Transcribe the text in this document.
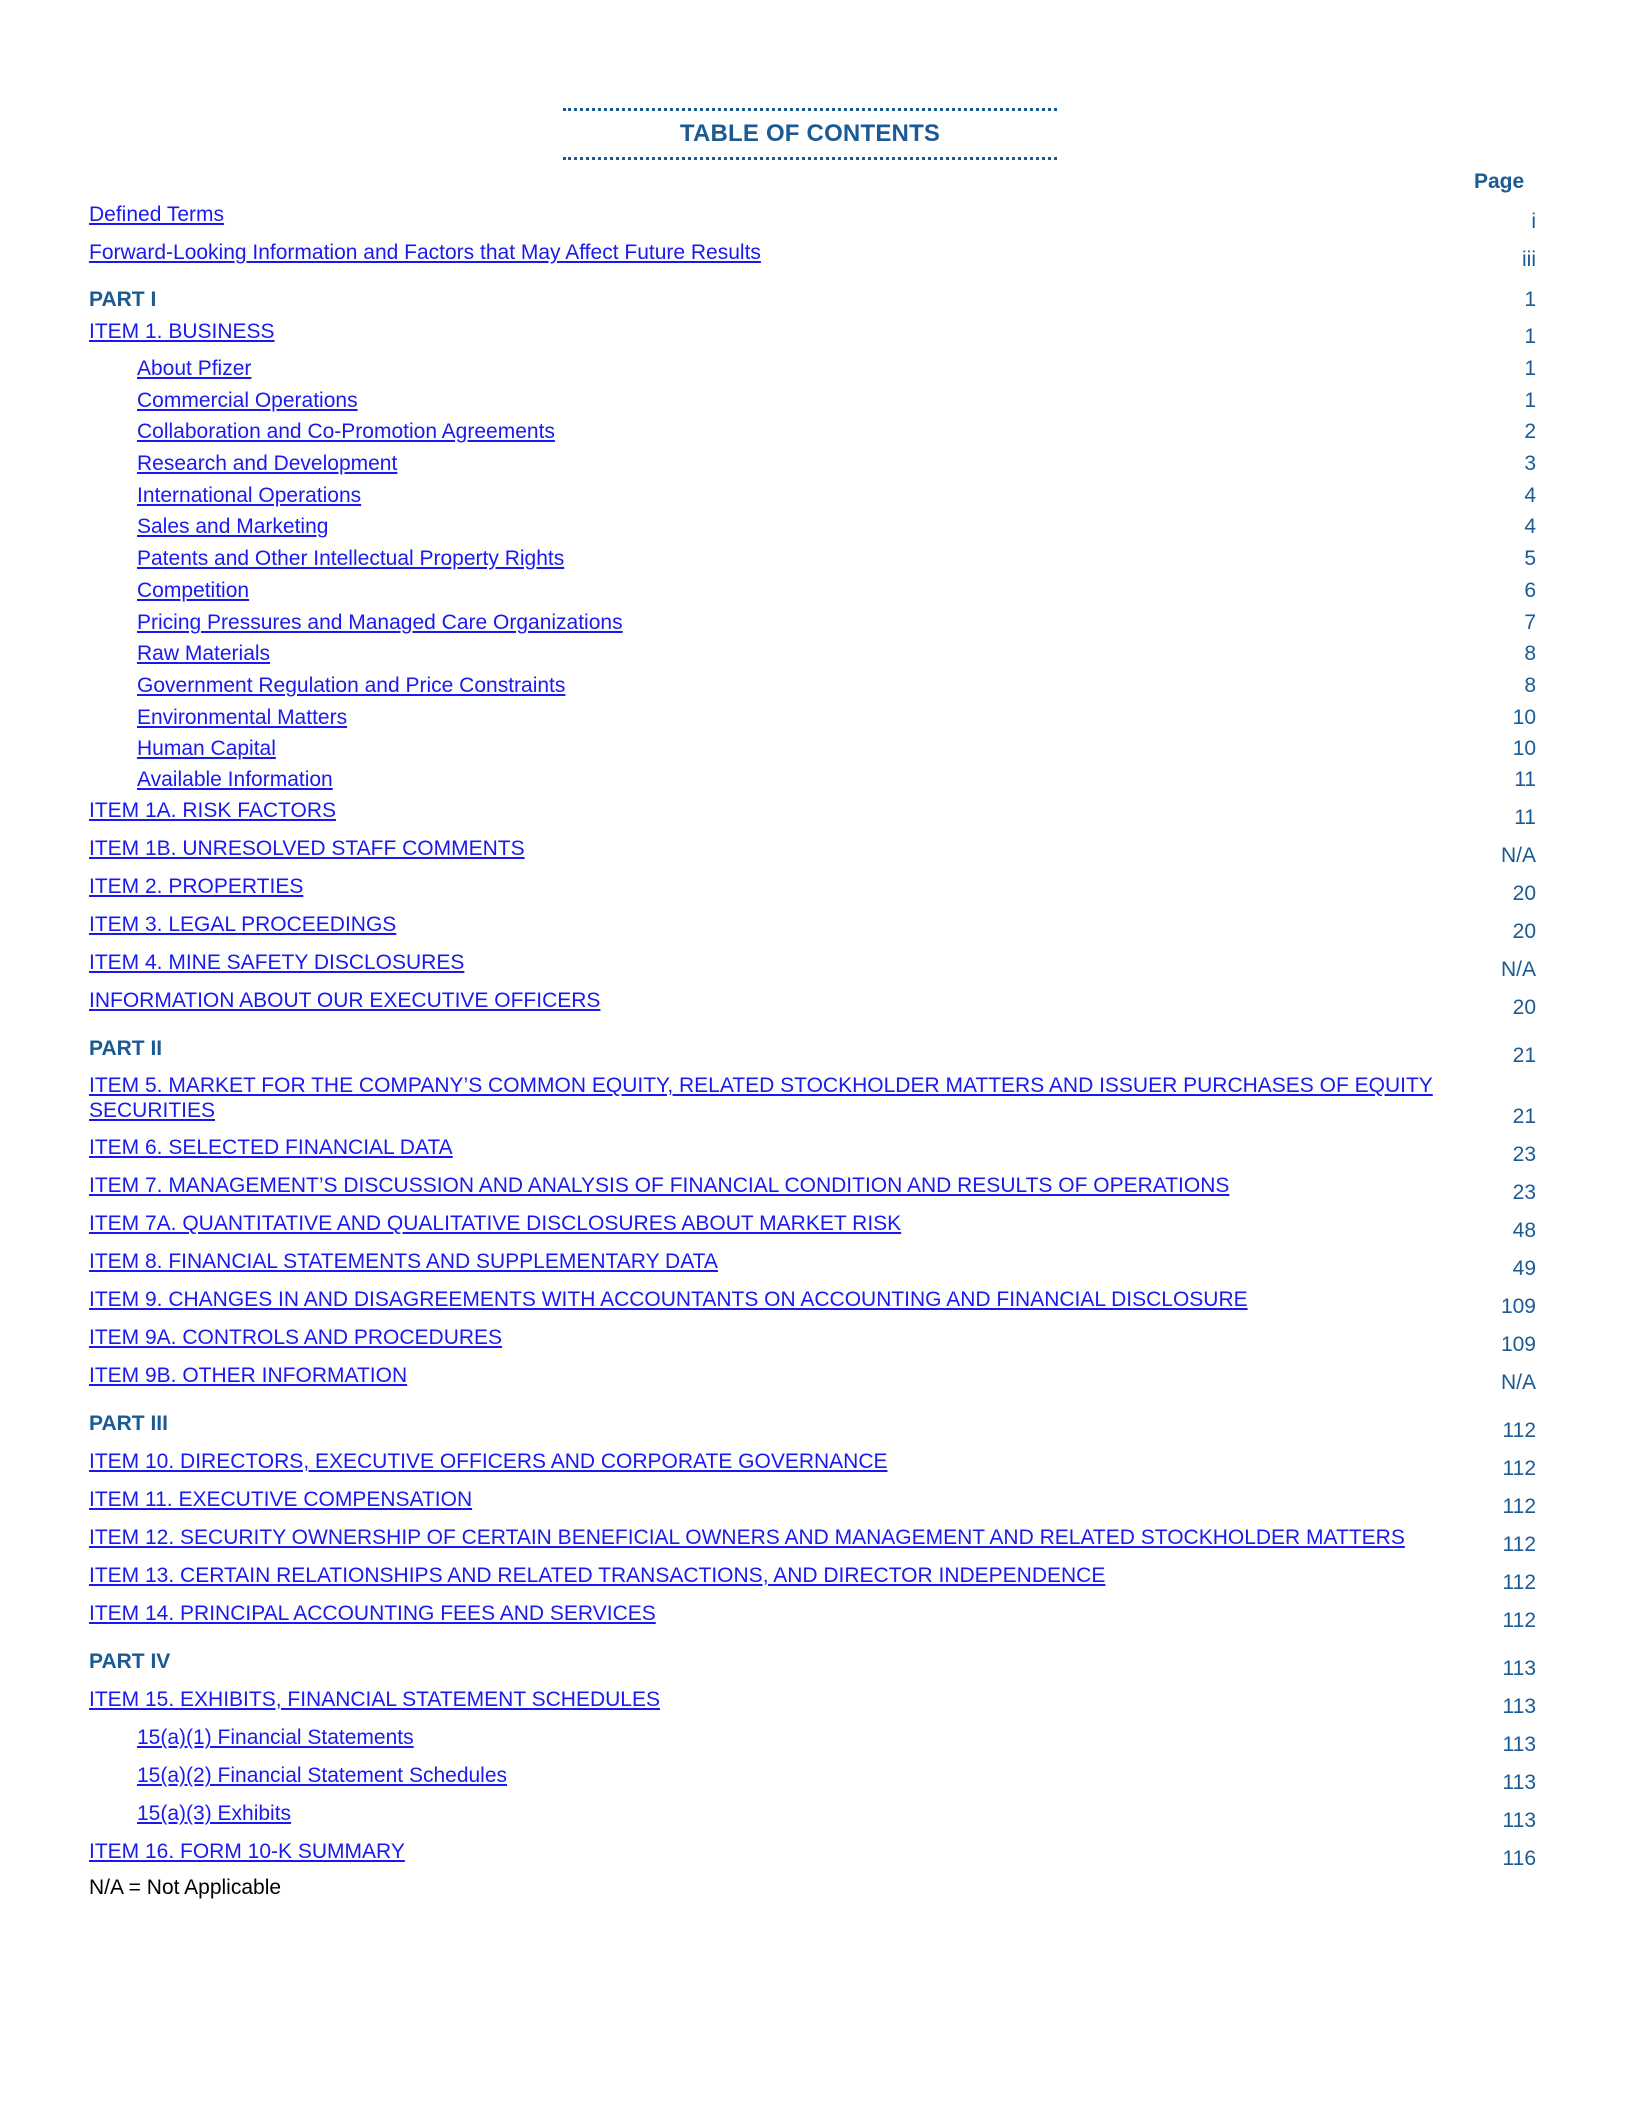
TABLE OF CONTENTS
Page
Defined Terms	i
Forward-Looking Information and Factors that May Affect Future Results	iii
PART I	1
ITEM 1. BUSINESS	1
About Pfizer	1
Commercial Operations	1
Collaboration and Co-Promotion Agreements	2
Research and Development	3
International Operations	4
Sales and Marketing	4
Patents and Other Intellectual Property Rights	5
Competition	6
Pricing Pressures and Managed Care Organizations	7
Raw Materials	8
Government Regulation and Price Constraints	8
Environmental Matters	10
Human Capital	10
Available Information	11
ITEM 1A. RISK FACTORS	11
ITEM 1B. UNRESOLVED STAFF COMMENTS	N/A
ITEM 2. PROPERTIES	20
ITEM 3. LEGAL PROCEEDINGS	20
ITEM 4. MINE SAFETY DISCLOSURES	N/A
INFORMATION ABOUT OUR EXECUTIVE OFFICERS	20
PART II	21
ITEM 5. MARKET FOR THE COMPANY’S COMMON EQUITY, RELATED STOCKHOLDER MATTERS AND ISSUER PURCHASES OF EQUITY SECURITIES	21
ITEM 6. SELECTED FINANCIAL DATA	23
ITEM 7. MANAGEMENT’S DISCUSSION AND ANALYSIS OF FINANCIAL CONDITION AND RESULTS OF OPERATIONS	23
ITEM 7A. QUANTITATIVE AND QUALITATIVE DISCLOSURES ABOUT MARKET RISK	48
ITEM 8. FINANCIAL STATEMENTS AND SUPPLEMENTARY DATA	49
ITEM 9. CHANGES IN AND DISAGREEMENTS WITH ACCOUNTANTS ON ACCOUNTING AND FINANCIAL DISCLOSURE	109
ITEM 9A. CONTROLS AND PROCEDURES	109
ITEM 9B. OTHER INFORMATION	N/A
PART III	112
ITEM 10. DIRECTORS, EXECUTIVE OFFICERS AND CORPORATE GOVERNANCE	112
ITEM 11. EXECUTIVE COMPENSATION	112
ITEM 12. SECURITY OWNERSHIP OF CERTAIN BENEFICIAL OWNERS AND MANAGEMENT AND RELATED STOCKHOLDER MATTERS	112
ITEM 13. CERTAIN RELATIONSHIPS AND RELATED TRANSACTIONS, AND DIRECTOR INDEPENDENCE	112
ITEM 14. PRINCIPAL ACCOUNTING FEES AND SERVICES	112
PART IV	113
ITEM 15. EXHIBITS, FINANCIAL STATEMENT SCHEDULES	113
15(a)(1) Financial Statements	113
15(a)(2) Financial Statement Schedules	113
15(a)(3) Exhibits	113
ITEM 16. FORM 10-K SUMMARY	116
N/A = Not Applicable
